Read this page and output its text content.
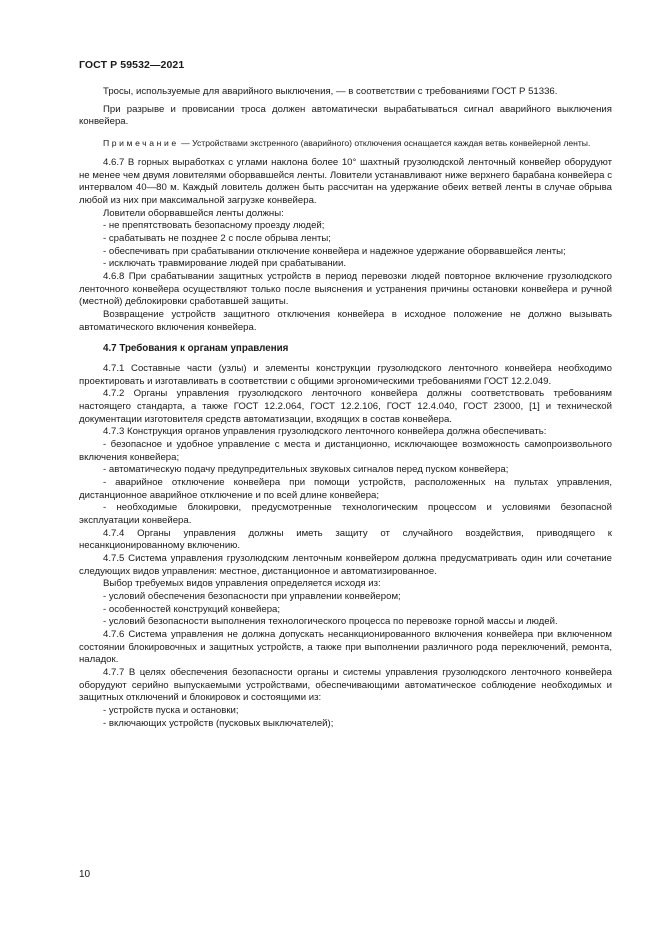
ГОСТ Р 59532—2021

Тросы, используемые для аварийного выключения, — в соответствии с требованиями ГОСТ Р 51336.

При разрыве и провисании троса должен автоматически вырабатываться сигнал аварийного выключения конвейера.

Примечание — Устройствами экстренного (аварийного) отключения оснащается каждая ветвь конвейерной ленты.

4.6.7 В горных выработках с углами наклона более 10° шахтный грузолюдской ленточный конвейер оборудуют не менее чем двумя ловителями оборвавшейся ленты. Ловители устанавливают ниже верхнего барабана конвейера с интервалом 40—80 м. Каждый ловитель должен быть рассчитан на удержание обеих ветвей ленты в случае обрыва любой из них при максимальной загрузке конвейера.

Ловители оборвавшейся ленты должны:

- не препятствовать безопасному проезду людей;

- срабатывать не позднее 2 с после обрыва ленты;

- обеспечивать при срабатывании отключение конвейера и надежное удержание оборвавшейся ленты;

- исключать травмирование людей при срабатывании.

4.6.8 При срабатывании защитных устройств в период перевозки людей повторное включение грузолюдского ленточного конвейера осуществляют только после выяснения и устранения причины остановки конвейера и ручной (местной) деблокировки сработавшей защиты.

Возвращение устройств защитного отключения конвейера в исходное положение не должно вызывать автоматического включения конвейера.

4.7 Требования к органам управления

4.7.1 Составные части (узлы) и элементы конструкции грузолюдского ленточного конвейера необходимо проектировать и изготавливать в соответствии с общими эргономическими требованиями ГОСТ 12.2.049.

4.7.2 Органы управления грузолюдского ленточного конвейера должны соответствовать требованиям настоящего стандарта, а также ГОСТ 12.2.064, ГОСТ 12.2.106, ГОСТ 12.4.040, ГОСТ 23000, [1] и технической документации изготовителя средств автоматизации, входящих в состав конвейера.

4.7.3 Конструкция органов управления грузолюдского ленточного конвейера должна обеспечивать:

- безопасное и удобное управление с места и дистанционно, исключающее возможность самопроизвольного включения конвейера;

- автоматическую подачу предупредительных звуковых сигналов перед пуском конвейера;

- аварийное отключение конвейера при помощи устройств, расположенных на пультах управления, дистанционное аварийное отключение и по всей длине конвейера;

- необходимые блокировки, предусмотренные технологическим процессом и условиями безопасной эксплуатации конвейера.

4.7.4 Органы управления должны иметь защиту от случайного воздействия, приводящего к несанкционированному включению.

4.7.5 Система управления грузолюдским ленточным конвейером должна предусматривать один или сочетание следующих видов управления: местное, дистанционное и автоматизированное.

Выбор требуемых видов управления определяется исходя из:

- условий обеспечения безопасности при управлении конвейером;

- особенностей конструкций конвейера;

- условий безопасности выполнения технологического процесса по перевозке горной массы и людей.

4.7.6 Система управления не должна допускать несанкционированного включения конвейера при включенном состоянии блокировочных и защитных устройств, а также при выполнении различного рода переключений, ремонта, наладок.

4.7.7 В целях обеспечения безопасности органы и системы управления грузолюдского ленточного конвейера оборудуют серийно выпускаемыми устройствами, обеспечивающими автоматическое соблюдение необходимых и защитных отключений и блокировок и состоящими из:

- устройств пуска и остановки;

- включающих устройств (пусковых выключателей);

10
